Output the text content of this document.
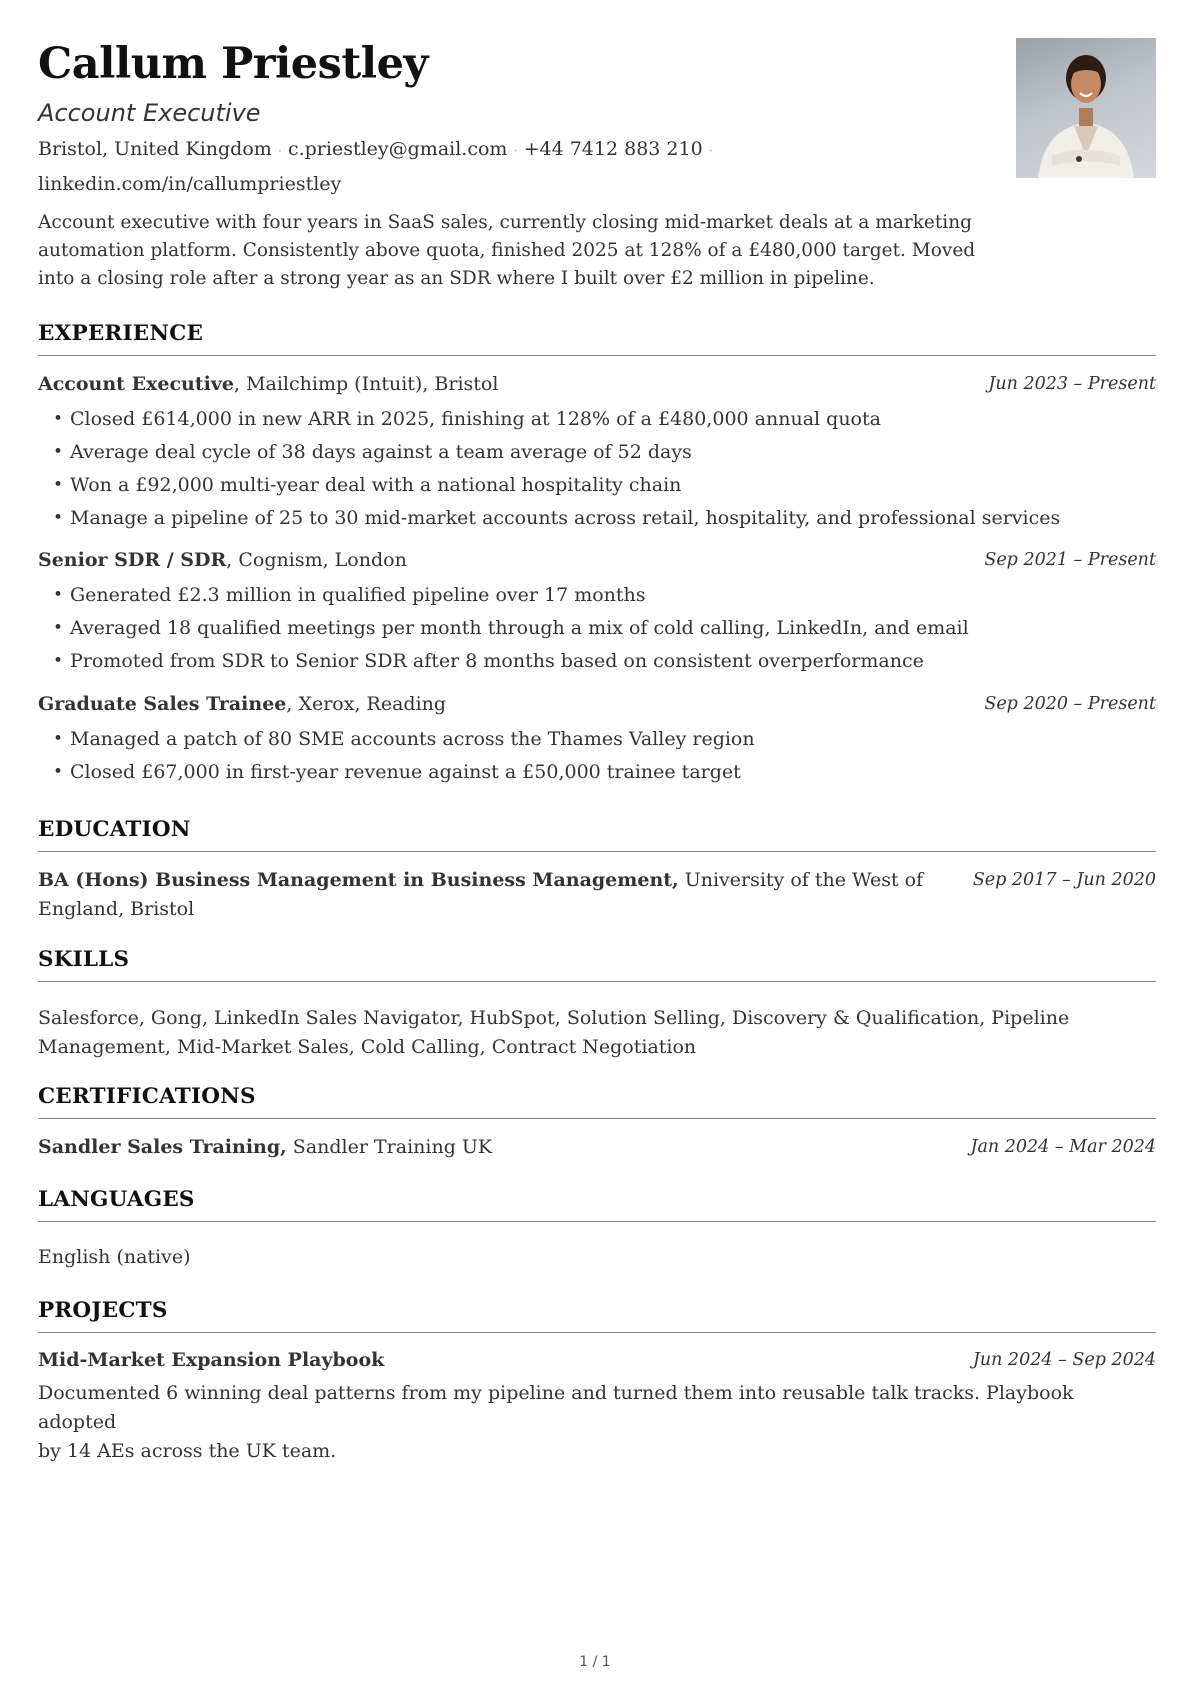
Callum Priestley
Account Executive
Bristol, United Kingdom · c.priestley@gmail.com · +44 7412 883 210 ·
linkedin.com/in/callumpriestley

Account executive with four years in SaaS sales, currently closing mid-market deals at a marketing automation platform. Consistently above quota, finished 2025 at 128% of a £480,000 target. Moved into a closing role after a strong year as an SDR where I built over £2 million in pipeline.

EXPERIENCE
Account Executive, Mailchimp (Intuit), Bristol	Jun 2023 – Present
• Closed £614,000 in new ARR in 2025, finishing at 128% of a £480,000 annual quota
• Average deal cycle of 38 days against a team average of 52 days
• Won a £92,000 multi-year deal with a national hospitality chain
• Manage a pipeline of 25 to 30 mid-market accounts across retail, hospitality, and professional services
Senior SDR / SDR, Cognism, London	Sep 2021 – Present
• Generated £2.3 million in qualified pipeline over 17 months
• Averaged 18 qualified meetings per month through a mix of cold calling, LinkedIn, and email
• Promoted from SDR to Senior SDR after 8 months based on consistent overperformance
Graduate Sales Trainee, Xerox, Reading	Sep 2020 – Present
• Managed a patch of 80 SME accounts across the Thames Valley region
• Closed £67,000 in first-year revenue against a £50,000 trainee target
EDUCATION
BA (Hons) Business Management in Business Management, University of the West of
England, Bristol
Sep 2017 – Jun 2020
SKILLS

Salesforce, Gong, LinkedIn Sales Navigator, HubSpot, Solution Selling, Discovery & Qualification, Pipeline
Management, Mid-Market Sales, Cold Calling, Contract Negotiation

CERTIFICATIONS
Sandler Sales Training, Sandler Training UK	Jan 2024 – Mar 2024
LANGUAGES

English (native)

PROJECTS
Mid-Market Expansion Playbook	Jun 2024 – Sep 2024

Documented 6 winning deal patterns from my pipeline and turned them into reusable talk tracks. Playbook adopted
by 14 AEs across the UK team.

1 / 1
